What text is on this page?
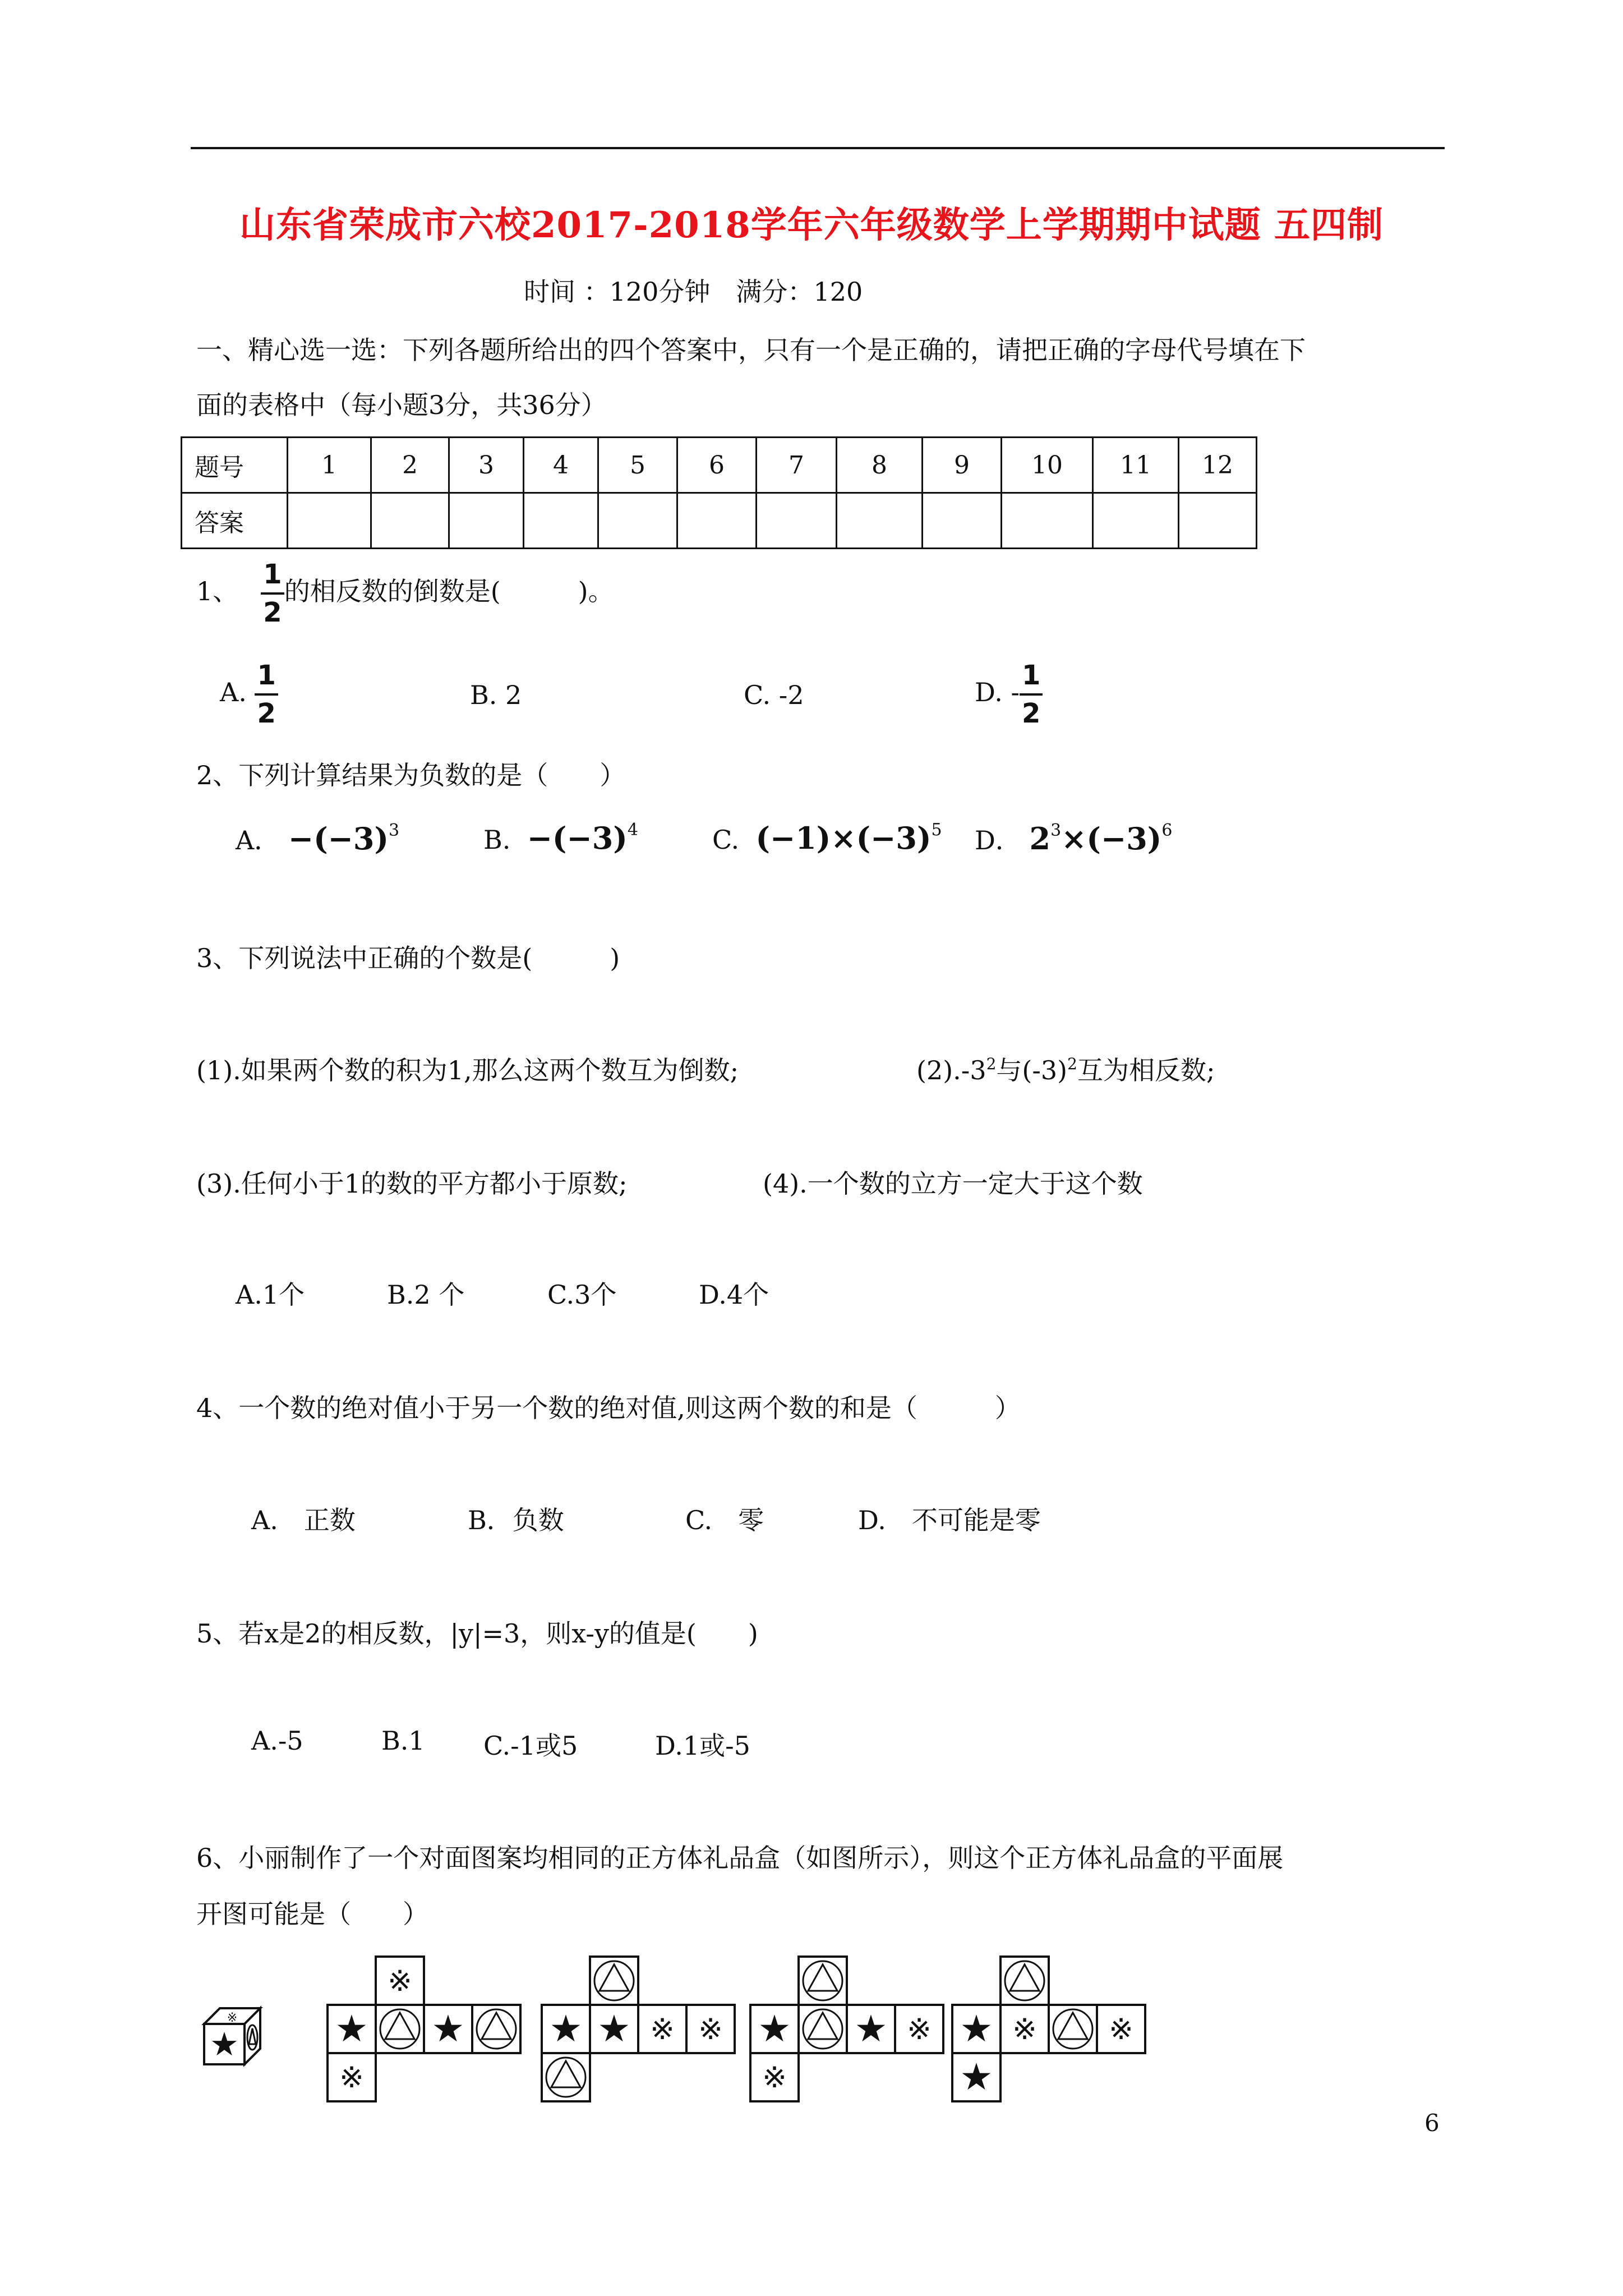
山东省荣成市六校2017-2018学年六年级数学上学期期中试题 五四制
时间 ：120分钟　满分：120
一、精心选一选：下列各题所给出的四个答案中，只有一个是正确的，请把正确的字母代号填在下
面的表格中（每小题3分，共36分）
题号	1	2	3	4	5	6	7	8	9	10	11	12
答案												
1、 $\frac{1}{2}$ 的相反数的倒数是(　　　)。
A. $\frac{1}{2}$	B. 2	C. -2	D. - $\frac{1}{2}$
2、下列计算结果为负数的是（　　）
A． $-(-3)^3$	B. $-(-3)^4$	C. $(-1)\times(-3)^5$ D． $2^3\times(-3)^6$
3、下列说法中正确的个数是(　　　)
(1).如果两个数的积为1,那么这两个数互为倒数;	$(2).-3^2$与$(-3)^2$互为相反数;
(3).任何小于1的数的平方都小于原数;	(4).一个数的立方一定大于这个数
A.1个	B.2 个	C.3个	D.4个
4、一个数的绝对值小于另一个数的绝对值,则这两个数的和是（　　　）
A.　正数	B．负数	C.　零	D.　不可能是零
5、若x是2的相反数，|y|=3，则x-y的值是(　　)
A.-5	B.1 C.-1或5	D.1或-5
6、小丽制作了一个对面图案均相同的正方体礼品盒（如图所示），则这个正方体礼品盒的平面展
开图可能是（　　）
★
※
※
★ ★
※
★ ★ ※ ※ ★ ★ ※
※
★ ※ ※
★
6
